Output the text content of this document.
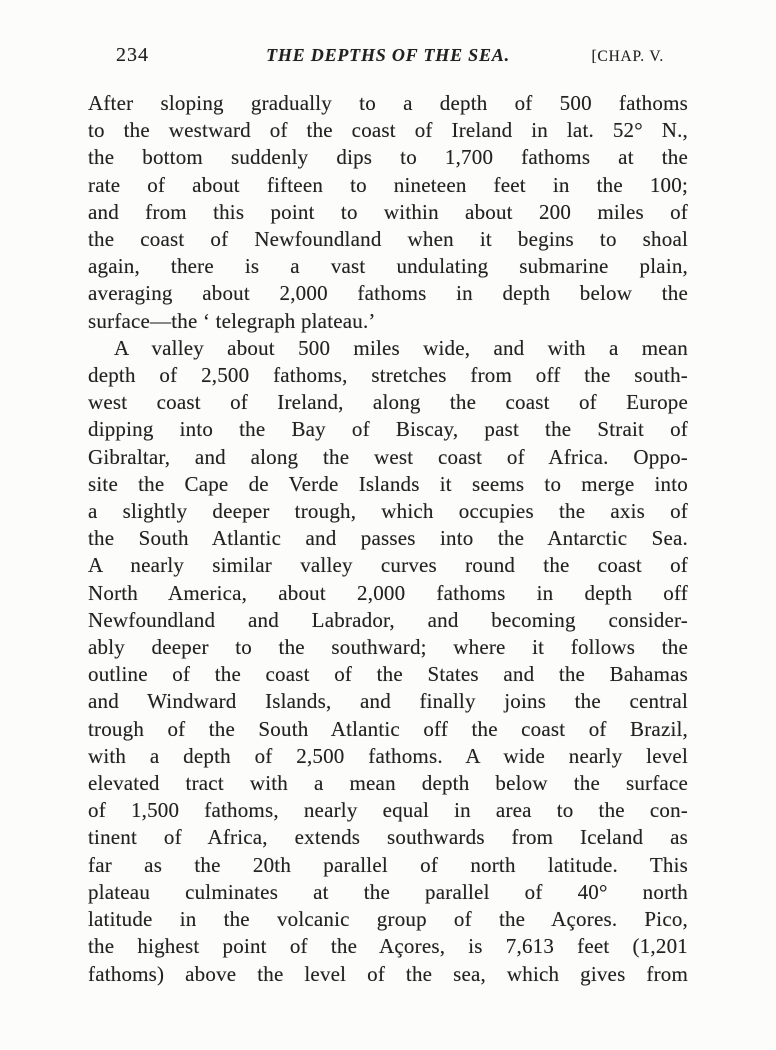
234	THE DEPTHS OF THE SEA.	[CHAP. V.
After sloping gradually to a depth of 500 fathoms
to the westward of the coast of Ireland in lat. 52° N.,
the bottom suddenly dips to 1,700 fathoms at the
rate of about fifteen to nineteen feet in the 100;
and from this point to within about 200 miles of
the coast of Newfoundland when it begins to shoal
again, there is a vast undulating submarine plain,
averaging about 2,000 fathoms in depth below the
surface—the ‘ telegraph plateau.’
A valley about 500 miles wide, and with a mean
depth of 2,500 fathoms, stretches from off the south-
west coast of Ireland, along the coast of Europe
dipping into the Bay of Biscay, past the Strait of
Gibraltar, and along the west coast of Africa. Oppo-
site the Cape de Verde Islands it seems to merge into
a slightly deeper trough, which occupies the axis of
the South Atlantic and passes into the Antarctic Sea.
A nearly similar valley curves round the coast of
North America, about 2,000 fathoms in depth off
Newfoundland and Labrador, and becoming consider-
ably deeper to the southward; where it follows the
outline of the coast of the States and the Bahamas
and Windward Islands, and finally joins the central
trough of the South Atlantic off the coast of Brazil,
with a depth of 2,500 fathoms. A wide nearly level
elevated tract with a mean depth below the surface
of 1,500 fathoms, nearly equal in area to the con-
tinent of Africa, extends southwards from Iceland as
far as the 20th parallel of north latitude. This
plateau culminates at the parallel of 40° north
latitude in the volcanic group of the Açores. Pico,
the highest point of the Açores, is 7,613 feet (1,201
fathoms) above the level of the sea, which gives from
